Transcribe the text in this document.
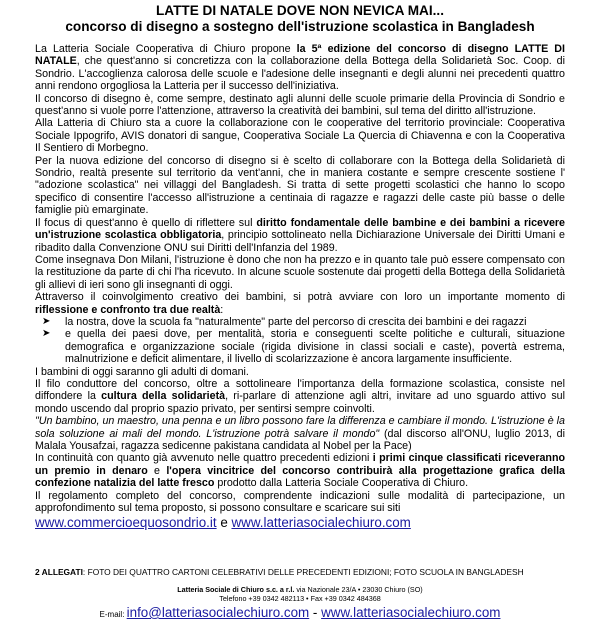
LATTE DI NATALE DOVE NON NEVICA MAI...
concorso di disegno a sostegno dell'istruzione scolastica in Bangladesh

La Latteria Sociale Cooperativa di Chiuro propone la 5ª edizione del concorso di disegno LATTE DI NATALE, che quest'anno si concretizza con la collaborazione della Bottega della Solidarietà Soc. Coop. di Sondrio. L'accoglienza calorosa delle scuole e l'adesione delle insegnanti e degli alunni nei precedenti quattro anni rendono orgogliosa la Latteria per il successo dell'iniziativa.

Il concorso di disegno è, come sempre, destinato agli alunni delle scuole primarie della Provincia di Sondrio e quest'anno si vuole porre l'attenzione, attraverso la creatività dei bambini, sul tema del diritto all'istruzione.

Alla Latteria di Chiuro sta a cuore la collaborazione con le cooperative del territorio provinciale: Cooperativa Sociale Ippogrifo, AVIS donatori di sangue, Cooperativa Sociale La Quercia di Chiavenna e con la Cooperativa Il Sentiero di Morbegno.

Per la nuova edizione del concorso di disegno si è scelto di collaborare con la Bottega della Solidarietà di Sondrio, realtà presente sul territorio da vent'anni, che in maniera costante e sempre crescente sostiene l' "adozione scolastica" nei villaggi del Bangladesh. Si tratta di sette progetti scolastici che hanno lo scopo specifico di consentire l'accesso all'istruzione a centinaia di ragazze e ragazzi delle caste più basse o delle famiglie più emarginate.

Il focus di quest'anno è quello di riflettere sul diritto fondamentale delle bambine e dei bambini a ricevere un'istruzione scolastica obbligatoria, principio sottolineato nella Dichiarazione Universale dei Diritti Umani e ribadito dalla Convenzione ONU sui Diritti dell'Infanzia del 1989.

Come insegnava Don Milani, l'istruzione è dono che non ha prezzo e in quanto tale può essere compensato con la restituzione da parte di chi l'ha ricevuto. In alcune scuole sostenute dai progetti della Bottega della Solidarietà gli allievi di ieri sono gli insegnanti di oggi.

Attraverso il coinvolgimento creativo dei bambini, si potrà avviare con loro un importante momento di riflessione e confronto tra due realtà:

➤ la nostra, dove la scuola fa "naturalmente" parte del percorso di crescita dei bambini e dei ragazzi
➤ e quella dei paesi dove, per mentalità, storia e conseguenti scelte politiche e culturali, situazione demografica e organizzazione sociale (rigida divisione in classi sociali e caste), povertà estrema, malnutrizione e deficit alimentare, il livello di scolarizzazione è ancora largamente insufficiente.

I bambini di oggi saranno gli adulti di domani.

Il filo conduttore del concorso, oltre a sottolineare l'importanza della formazione scolastica, consiste nel diffondere la cultura della solidarietà, ri-parlare di attenzione agli altri, invitare ad uno sguardo attivo sul mondo uscendo dal proprio spazio privato, per sentirsi sempre coinvolti.

"Un bambino, un maestro, una penna e un libro possono fare la differenza e cambiare il mondo. L'istruzione è la sola soluzione ai mali del mondo. L'istruzione potrà salvare il mondo" (dal discorso all'ONU, luglio 2013, di Malala Yousafzai, ragazza sedicenne pakistana candidata al Nobel per la Pace)

In continuità con quanto già avvenuto nelle quattro precedenti edizioni i primi cinque classificati riceveranno un premio in denaro e l'opera vincitrice del concorso contribuirà alla progettazione grafica della confezione natalizia del latte fresco prodotto dalla Latteria Sociale Cooperativa di Chiuro.

Il regolamento completo del concorso, comprendente indicazioni sulle modalità di partecipazione, un approfondimento sul tema proposto, si possono consultare e scaricare sui siti

www.commercioequosondrio.it e www.latteriasocialechiuro.com

2 ALLEGATI: FOTO DEI QUATTRO CARTONI CELEBRATIVI DELLE PRECEDENTI EDIZIONI; FOTO SCUOLA IN BANGLADESH
Latteria Sociale di Chiuro s.c. a r.l. via Nazionale 23/A • 23030 Chiuro (SO)
Telefono +39 0342 482113 • Fax +39 0342 484368
E-mail: info@latteriasocialechiuro.com - www.latteriasocialechiuro.com
